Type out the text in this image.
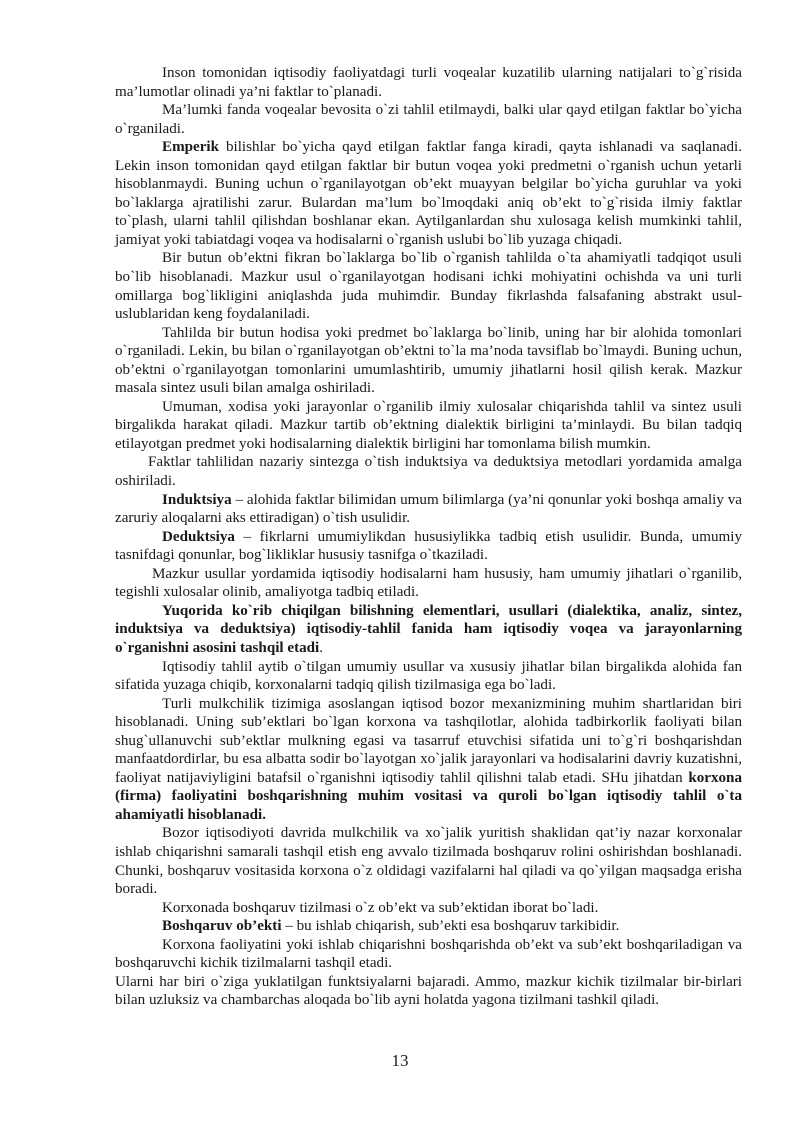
Inson tomonidan iqtisodiy faoliyatdagi turli voqealar kuzatilib ularning natijalari to`g`risida ma’lumotlar olinadi ya’ni faktlar to`planadi.

Ma’lumki fanda voqealar bevosita o`zi tahlil etilmaydi, balki ular qayd etilgan faktlar bo`yicha o`rganiladi.

Emperik bilishlar bo`yicha qayd etilgan faktlar fanga kiradi, qayta ishlanadi va saqlanadi. Lekin inson tomonidan qayd etilgan faktlar bir butun voqea yoki predmetni o`rganish uchun yetarli hisoblanmaydi. Buning uchun o`rganilayotgan ob’ekt muayyan belgilar bo`yicha guruhlar va yoki bo`laklarga ajratilishi zarur. Bulardan ma’lum bo`lmoqdaki aniq ob’ekt to`g`risida ilmiy faktlar to`plash, ularni tahlil qilishdan boshlanar ekan. Aytilganlardan shu xulosaga kelish mumkinki tahlil, jamiyat yoki tabiatdagi voqea va hodisalarni o`rganish uslubi bo`lib yuzaga chiqadi.

Bir butun ob’ektni fikran bo`laklarga bo`lib o`rganish tahlilda o`ta ahamiyatli tadqiqot usuli bo`lib hisoblanadi. Mazkur usul o`rganilayotgan hodisani ichki mohiyatini ochishda va uni turli omillarga bog`likligini aniqlashda juda muhimdir. Bunday fikrlashda falsafaning abstrakt usul-uslublaridan keng foydalaniladi.

Tahlilda bir butun hodisa yoki predmet bo`laklarga bo`linib, uning har bir alohida tomonlari o`rganiladi. Lekin, bu bilan o`rganilayotgan ob’ektni to`la ma’noda tavsiflab bo`lmaydi. Buning uchun, ob’ektni o`rganilayotgan tomonlarini umumlashtirib, umumiy jihatlarni hosil qilish kerak. Mazkur masala sintez usuli bilan amalga oshiriladi.

Umuman, xodisa yoki jarayonlar o`rganilib ilmiy xulosalar chiqarishda tahlil va sintez usuli birgalikda harakat qiladi. Mazkur tartib ob’ektning dialektik birligini ta’minlaydi. Bu bilan tadqiq etilayotgan predmet yoki hodisalarning dialektik birligini har tomonlama bilish mumkin.

Faktlar tahlilidan nazariy sintezga o`tish induktsiya va deduktsiya metodlari yordamida amalga oshiriladi.

Induktsiya – alohida faktlar bilimidan umum bilimlarga (ya’ni qonunlar yoki boshqa amaliy va zaruriy aloqalarni aks ettiradigan) o`tish usulidir.

Deduktsiya – fikrlarni umumiylikdan hususiylikka tadbiq etish usulidir. Bunda, umumiy tasnifdagi qonunlar, bog`likliklar hususiy tasnifga o`tkaziladi.

Mazkur usullar yordamida iqtisodiy hodisalarni ham hususiy, ham umumiy jihatlari o`rganilib, tegishli xulosalar olinib, amaliyotga tadbiq etiladi.

Yuqorida ko`rib chiqilgan bilishning elementlari, usullari (dialektika, analiz, sintez, induktsiya va deduktsiya) iqtisodiy-tahlil fanida ham iqtisodiy voqea va jarayonlarning o`rganishni asosini tashqil etadi.

Iqtisodiy tahlil aytib o`tilgan umumiy usullar va xususiy jihatlar bilan birgalikda alohida fan sifatida yuzaga chiqib, korxonalarni tadqiq qilish tizilmasiga ega bo`ladi.

Turli mulkchilik tizimiga asoslangan iqtisod bozor mexanizmining muhim shartlaridan biri hisoblanadi. Uning sub’ektlari bo`lgan korxona va tashqilotlar, alohida tadbirkorlik faoliyati bilan shug`ullanuvchi sub’ektlar mulkning egasi va tasarruf etuvchisi sifatida uni to`g`ri boshqarishdan manfaatdordirlar, bu esa albatta sodir bo`layotgan xo`jalik jarayonlari va hodisalarini davriy kuzatishni, faoliyat natijaviyligini batafsil o`rganishni iqtisodiy tahlil qilishni talab etadi. SHu jihatdan korxona (firma) faoliyatini boshqarishning muhim vositasi va quroli bo`lgan iqtisodiy tahlil o`ta ahamiyatli hisoblanadi.

Bozor iqtisodiyoti davrida mulkchilik va xo`jalik yuritish shaklidan qat’iy nazar korxonalar ishlab chiqarishni samarali tashqil etish eng avvalo tizilmada boshqaruv rolini oshirishdan boshlanadi. Chunki, boshqaruv vositasida korxona o`z oldidagi vazifalarni hal qiladi va qo`yilgan maqsadga erisha boradi.

Korxonada boshqaruv tizilmasi o`z ob’ekt va sub’ektidan iborat bo`ladi.

Boshqaruv ob’ekti – bu ishlab chiqarish, sub’ekti esa boshqaruv tarkibidir.

Korxona faoliyatini yoki ishlab chiqarishni boshqarishda ob’ekt va sub’ekt boshqariladigan va boshqaruvchi kichik tizilmalarni tashqil etadi.

Ularni har biri o`ziga yuklatilgan funktsiyalarni bajaradi. Ammo, mazkur kichik tizilmalar bir-birlari bilan uzluksiz va chambarchas aloqada bo`lib ayni holatda yagona tizilmani tashkil qiladi.

13
